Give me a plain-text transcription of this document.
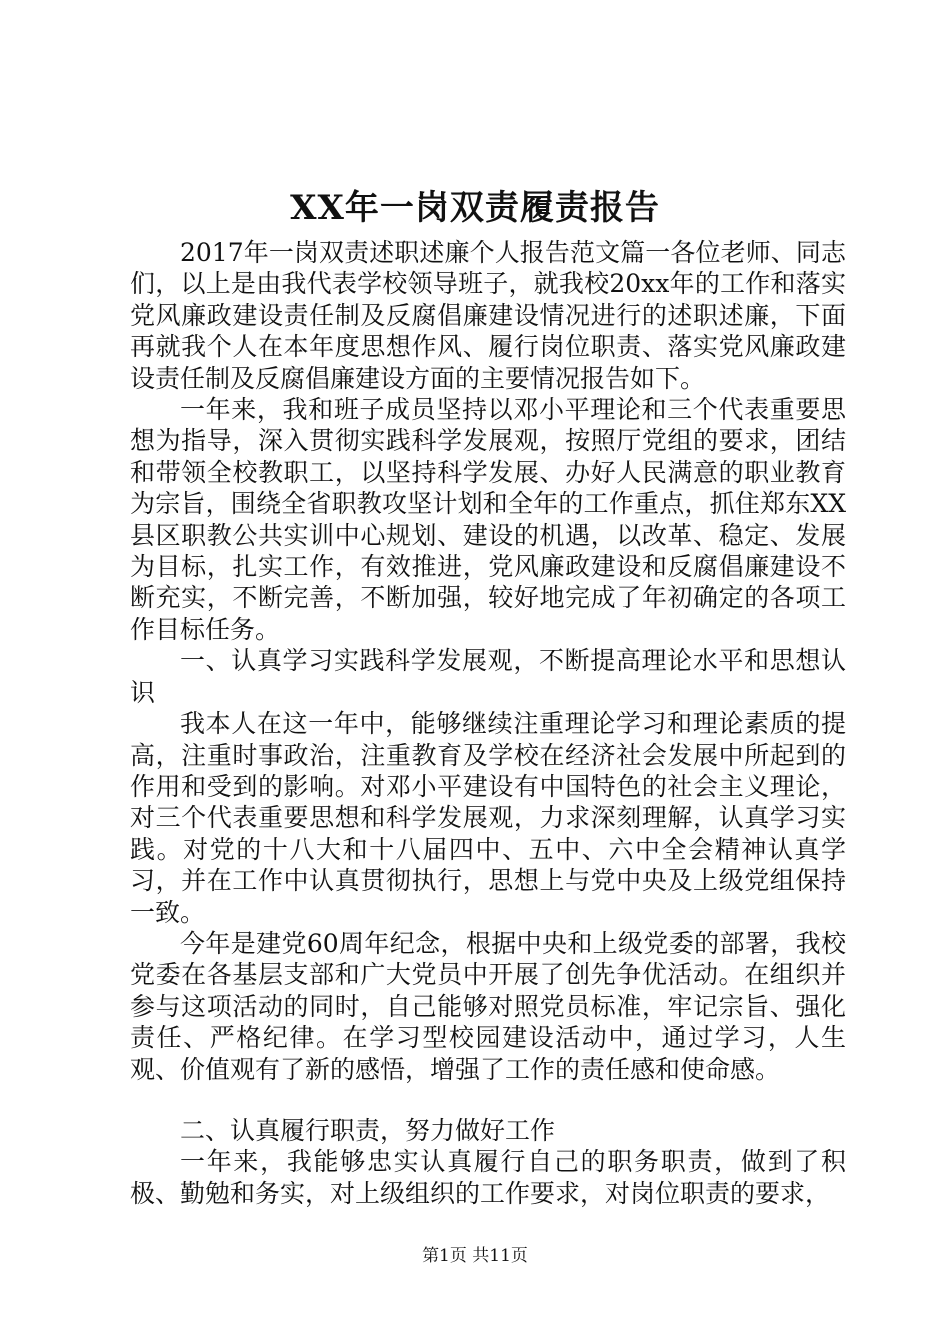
XX年一岗双责履责报告

2017年一岗双责述职述廉个人报告范文篇一各位老师、同志们，以上是由我代表学校领导班子，就我校20xx年的工作和落实党风廉政建设责任制及反腐倡廉建设情况进行的述职述廉，下面再就我个人在本年度思想作风、履行岗位职责、落实党风廉政建设责任制及反腐倡廉建设方面的主要情况报告如下。

一年来，我和班子成员坚持以邓小平理论和三个代表重要思想为指导，深入贯彻实践科学发展观，按照厅党组的要求，团结和带领全校教职工，以坚持科学发展、办好人民满意的职业教育为宗旨，围绕全省职教攻坚计划和全年的工作重点，抓住郑东XX县区职教公共实训中心规划、建设的机遇，以改革、稳定、发展为目标，扎实工作，有效推进，党风廉政建设和反腐倡廉建设不断充实，不断完善，不断加强，较好地完成了年初确定的各项工作目标任务。

一、认真学习实践科学发展观，不断提高理论水平和思想认识

我本人在这一年中，能够继续注重理论学习和理论素质的提高，注重时事政治，注重教育及学校在经济社会发展中所起到的作用和受到的影响。对邓小平建设有中国特色的社会主义理论，对三个代表重要思想和科学发展观，力求深刻理解，认真学习实践。对党的十八大和十八届四中、五中、六中全会精神认真学习，并在工作中认真贯彻执行，思想上与党中央及上级党组保持一致。

今年是建党60周年纪念，根据中央和上级党委的部署，我校党委在各基层支部和广大党员中开展了创先争优活动。在组织并参与这项活动的同时，自己能够对照党员标准，牢记宗旨、强化责任、严格纪律。在学习型校园建设活动中，通过学习，人生观、价值观有了新的感悟，增强了工作的责任感和使命感。

二、认真履行职责，努力做好工作

一年来，我能够忠实认真履行自己的职务职责，做到了积极、勤勉和务实，对上级组织的工作要求，对岗位职责的要求，

第1页 共11页
